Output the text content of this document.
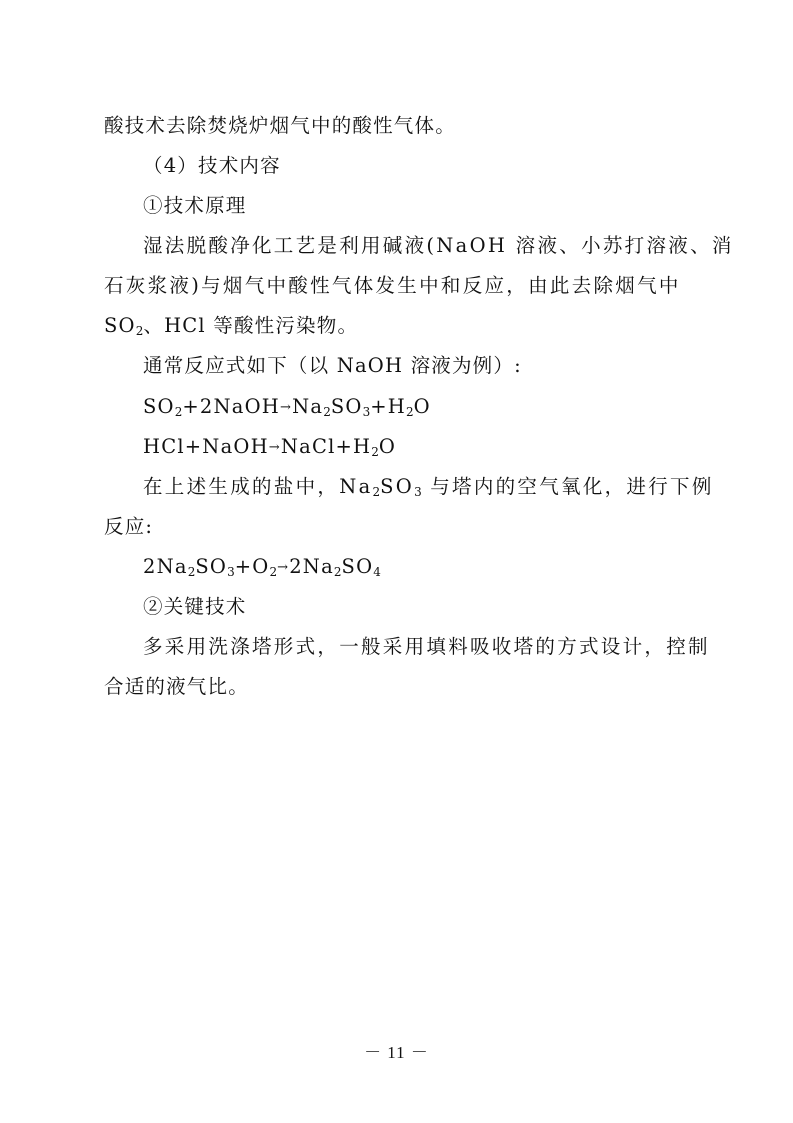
酸技术去除焚烧炉烟气中的酸性气体。
（4）技术内容
①技术原理
湿法脱酸净化工艺是利用碱液(NaOH 溶液、小苏打溶液、消
石灰浆液)与烟气中酸性气体发生中和反应，由此去除烟气中
$SO_2$、HCl 等酸性污染物。
通常反应式如下（以 NaOH 溶液为例）:
$SO_2+2NaOH\to Na_2SO_3+H_2O$
$HCl+NaOH\to NaCl+H_2O$
在上述生成的盐中，$Na_2SO_3$ 与塔内的空气氧化，进行下例
反应:
$2Na_2SO_3+O_2\to 2Na_2SO_4$
②关键技术
多采用洗涤塔形式，一般采用填料吸收塔的方式设计，控制
合适的液气比。
－ 11 －
